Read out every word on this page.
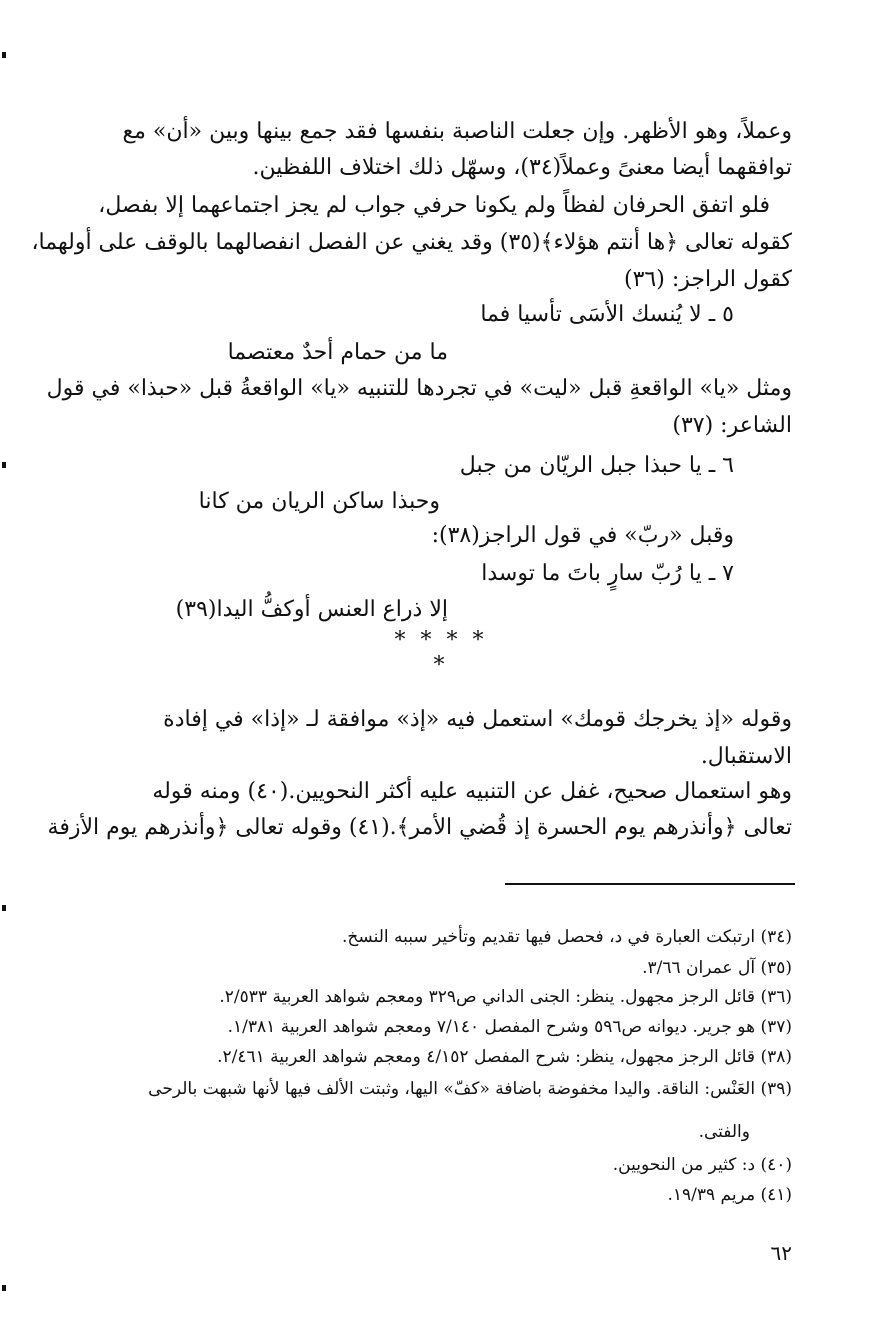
وعملاً، وهو الأظهر. وإن جعلت الناصبة بنفسها فقد جمع بينها وبين «أن» مع
توافقهما أيضا معنىً وعملاً(٣٤)، وسهّل ذلك اختلاف اللفظين.
فلو اتفق الحرفان لفظاً ولم يكونا حرفي جواب لم يجز اجتماعهما إلا بفصل،
كقوله تعالى ﴿ها أنتم هؤلاء﴾(٣٥) وقد يغني عن الفصل انفصالهما بالوقف على أولهما،
كقول الراجز: (٣٦)
٥ ـ لا يُنسك الأسَى تأسيا فما
ما من حمام أحدٌ معتصما
ومثل «يا» الواقعةِ قبل «ليت» في تجردها للتنبيه «يا» الواقعةُ قبل «حبذا» في قول
الشاعر: (٣٧)
٦ ـ يا حبذا جبل الريّان من جبل
وحبذا ساكن الريان من كانا
وقبل «ربّ» في قول الراجز(٣٨):
٧ ـ يا رُبّ سارٍ باتَ ما توسدا
إلا ذراع العنس أوكفُّ اليدا(٣٩)
* * * * *
وقوله «إذ يخرجك قومك» استعمل فيه «إذ» موافقة لـ «إذا» في إفادة
الاستقبال.
وهو استعمال صحيح، غفل عن التنبيه عليه أكثر النحويين.(٤٠) ومنه قوله
تعالى ﴿وأنذرهم يوم الحسرة إذ قُضي الأمر﴾.(٤١) وقوله تعالى ﴿وأنذرهم يوم الأزفة
(٣٤) ارتبكت العبارة في د، فحصل فيها تقديم وتأخير سببه النسخ.
(٣٥) آل عمران ٣/٦٦.
(٣٦) قائل الرجز مجهول. ينظر: الجنى الداني ص٣٢٩ ومعجم شواهد العربية ٢/٥٣٣.
(٣٧) هو جرير. ديوانه ص٥٩٦ وشرح المفصل ٧/١٤٠ ومعجم شواهد العربية ١/٣٨١.
(٣٨) قائل الرجز مجهول، ينظر: شرح المفصل ٤/١٥٢ ومعجم شواهد العربية ٢/٤٦١.
(٣٩) العَنْس: الناقة. واليدا مخفوضة باضافة «كفّ» اليها، وثبتت الألف فيها لأنها شبهت بالرحى
والفتى.
(٤٠) د: كثير من النحويين.
(٤١) مريم ١٩/٣٩.
٦٢
